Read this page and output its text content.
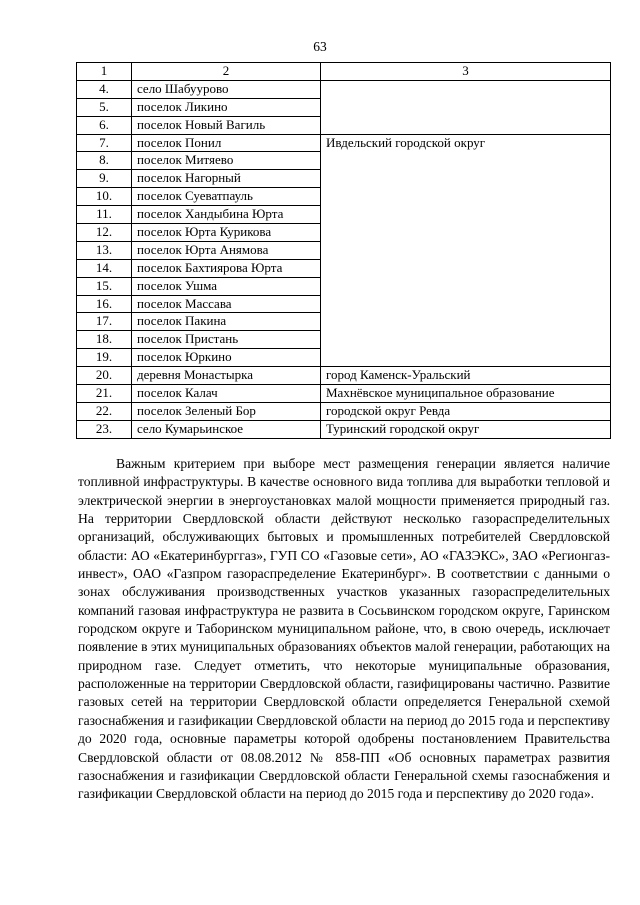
63
1	2	3
4.	село Шабуурово	
5.	поселок Ликино	
6.	поселок Новый Вагиль	
7.	поселок Понил	Ивдельский городской округ
8.	поселок Митяево	
9.	поселок Нагорный	
10.	поселок Суеватпауль	
11.	поселок Хандыбина Юрта	
12.	поселок Юрта Курикова	
13.	поселок Юрта Анямова	
14.	поселок Бахтиярова Юрта	
15.	поселок Ушма	
16.	поселок Массава	
17.	поселок Пакина	
18.	поселок Пристань	
19.	поселок Юркино	
20.	деревня Монастырка	город Каменск-Уральский
21.	поселок Калач	Махнёвское муниципальное образование
22.	поселок Зеленый Бор	городской округ Ревда
23.	село Кумарьинское	Туринский городской округ

Важным критерием при выборе мест размещения генерации является наличие топливной инфраструктуры. В качестве основного вида топлива для выработки тепловой и электрической энергии в энергоустановках малой мощности применяется природный газ. На территории Свердловской области действуют несколько газораспределительных организаций, обслуживающих бытовых и промышленных потребителей Свердловской области: АО «Екатеринбурггаз», ГУП СО «Газовые сети», АО «ГАЗЭКС», ЗАО «Регионгаз-инвест», ОАО «Газпром газораспределение Екатеринбург». В соответствии с данными о зонах обслуживания производственных участков указанных газораспределительных компаний газовая инфраструктура не развита в Сосьвинском городском округе, Гаринском городском округе и Таборинском муниципальном районе, что, в свою очередь, исключает появление в этих муниципальных образованиях объектов малой генерации, работающих на природном газе. Следует отметить, что некоторые муниципальные образования, расположенные на территории Свердловской области, газифицированы частично. Развитие газовых сетей на территории Свердловской области определяется Генеральной схемой газоснабжения и газификации Свердловской области на период до 2015 года и перспективу до 2020 года, основные параметры которой одобрены постановлением Правительства Свердловской области от 08.08.2012 № 858-ПП «Об основных параметрах развития газоснабжения и газификации Свердловской области Генеральной схемы газоснабжения и газификации Свердловской области на период до 2015 года и перспективу до 2020 года».
